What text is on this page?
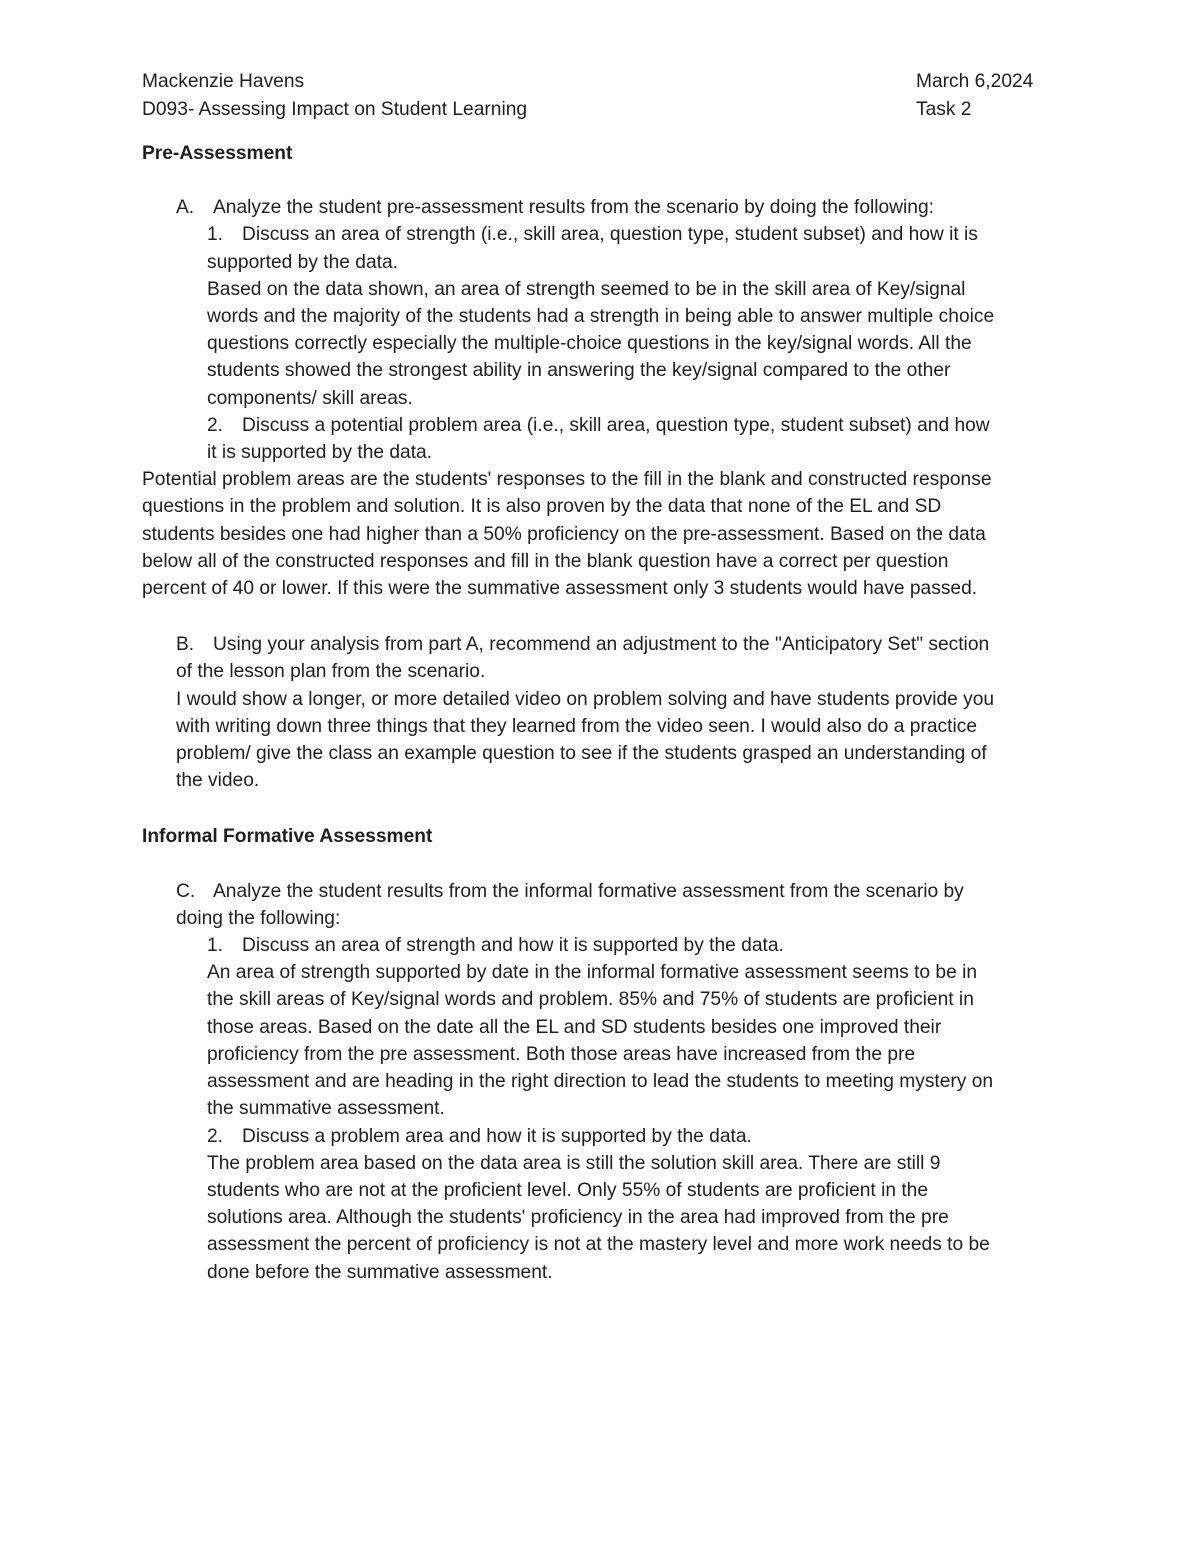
Mackenzie Havens	March 6,2024
D093- Assessing Impact on Student Learning	Task 2

Pre-Assessment

A. Analyze the student pre-assessment results from the scenario by doing the following:

1. Discuss an area of strength (i.e., skill area, question type, student subset) and how it is

supported by the data.

Based on the data shown, an area of strength seemed to be in the skill area of Key/signal

words and the majority of the students had a strength in being able to answer multiple choice

questions correctly especially the multiple-choice questions in the key/signal words. All the

students showed the strongest ability in answering the key/signal compared to the other

components/ skill areas.

2. Discuss a potential problem area (i.e., skill area, question type, student subset) and how

it is supported by the data.

Potential problem areas are the students' responses to the fill in the blank and constructed response

questions in the problem and solution. It is also proven by the data that none of the EL and SD

students besides one had higher than a 50% proficiency on the pre-assessment. Based on the data

below all of the constructed responses and fill in the blank question have a correct per question

percent of 40 or lower. If this were the summative assessment only 3 students would have passed.

B. Using your analysis from part A, recommend an adjustment to the "Anticipatory Set" section

of the lesson plan from the scenario.

I would show a longer, or more detailed video on problem solving and have students provide you

with writing down three things that they learned from the video seen. I would also do a practice

problem/ give the class an example question to see if the students grasped an understanding of

the video.

Informal Formative Assessment

C. Analyze the student results from the informal formative assessment from the scenario by

doing the following:

1. Discuss an area of strength and how it is supported by the data.

An area of strength supported by date in the informal formative assessment seems to be in

the skill areas of Key/signal words and problem. 85% and 75% of students are proficient in

those areas. Based on the date all the EL and SD students besides one improved their

proficiency from the pre assessment. Both those areas have increased from the pre

assessment and are heading in the right direction to lead the students to meeting mystery on

the summative assessment.

2. Discuss a problem area and how it is supported by the data.

The problem area based on the data area is still the solution skill area. There are still 9

students who are not at the proficient level. Only 55% of students are proficient in the

solutions area. Although the students' proficiency in the area had improved from the pre

assessment the percent of proficiency is not at the mastery level and more work needs to be

done before the summative assessment.
